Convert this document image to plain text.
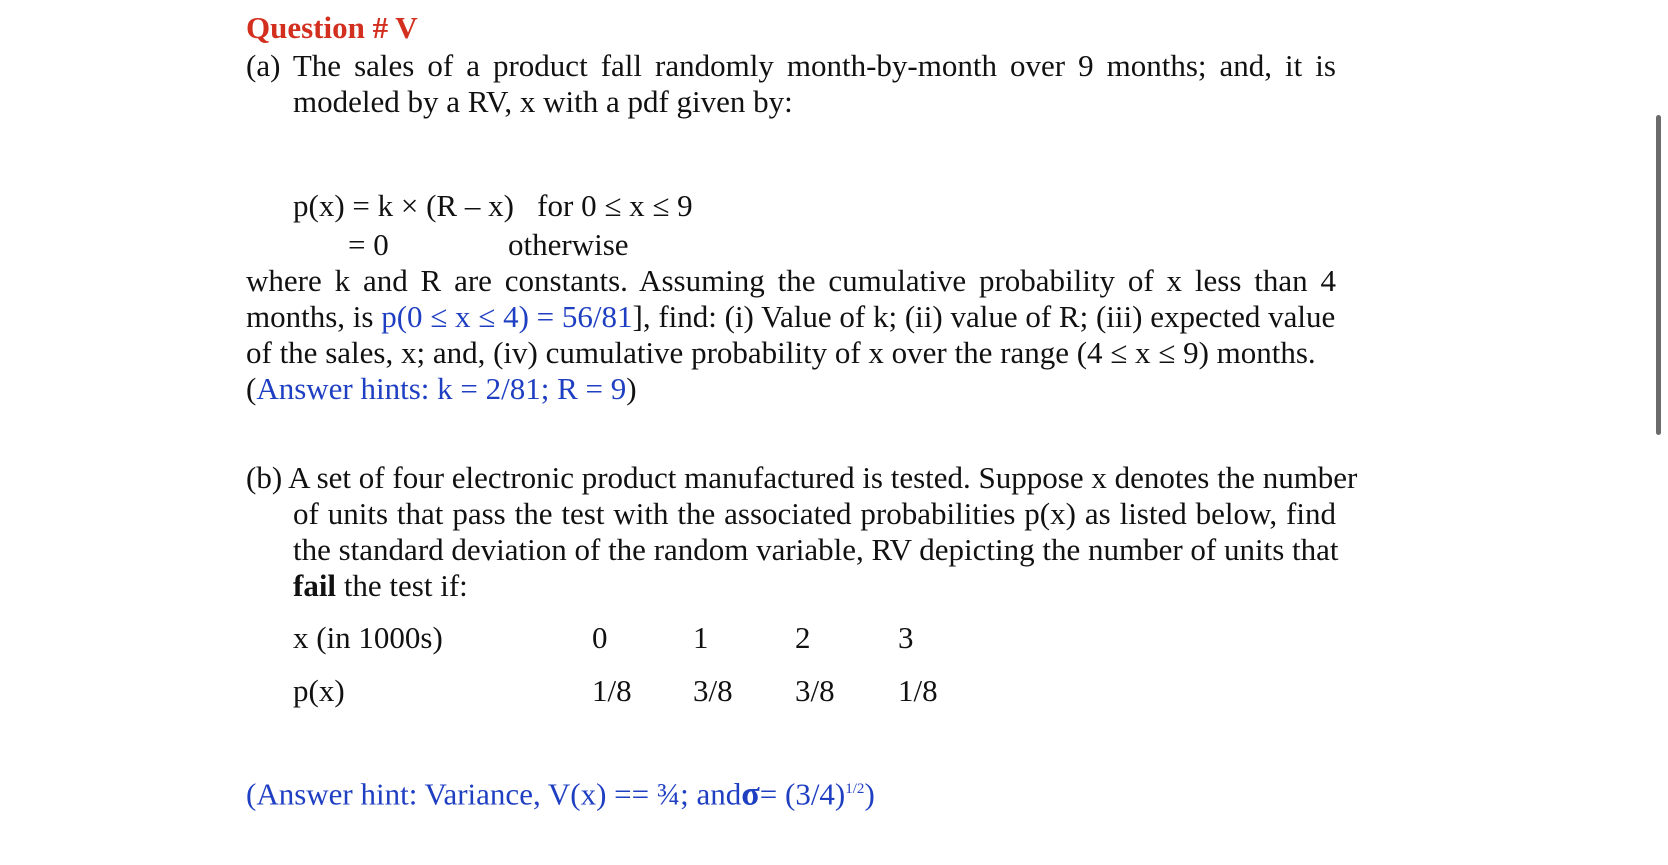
Question # V
(a) The sales of a product fall randomly month-by-month over 9 months; and, it is
modeled by a RV, x with a pdf given by:
p(x) = k × (R – x)   for 0 ≤ x ≤ 9
= 0	otherwise
where k and R are constants. Assuming the cumulative probability of x less than 4
months, is p(0 ≤ x ≤ 4) = 56/81], find: (i) Value of k; (ii) value of R; (iii) expected value
of the sales, x; and, (iv) cumulative probability of x over the range (4 ≤ x ≤ 9) months.
(Answer hints: k = 2/81; R = 9)
(b) A set of four electronic product manufactured is tested. Suppose x denotes the number
of units that pass the test with the associated probabilities p(x) as listed below, find
the standard deviation of the random variable, RV depicting the number of units that
fail the test if:
x (in 1000s)	0	1	2	3
p(x)	1/8 3/8 3/8 1/8
(Answer hint: Variance, V(x) == ¾; $and\sigma= (3/4)^{1/2}$)
